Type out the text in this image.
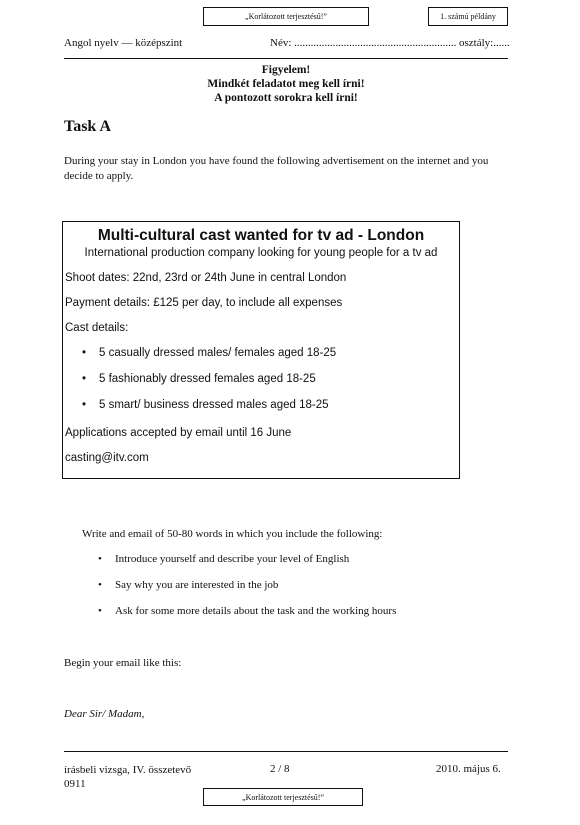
„Korlátozott terjesztésű!”	1. számú példány
Angol nyelv — középszint	Név: ........................................................... osztály:......
Figyelem!
Mindkét feladatot meg kell írni!
A pontozott sorokra kell írni!
Task A
During your stay in London you have found the following advertisement on the internet and you decide to apply.
Multi-cultural cast wanted for tv ad - London
International production company looking for young people for a tv ad
Shoot dates: 22nd, 23rd or 24th June in central London
Payment details: £125 per day, to include all expenses
Cast details:
• 5 casually dressed males/ females aged 18-25
• 5 fashionably dressed females aged 18-25
• 5 smart/ business dressed males aged 18-25
Applications accepted by email until 16 June
casting@itv.com
Write and email of 50-80 words in which you include the following:
• Introduce yourself and describe your level of English
• Say why you are interested in the job
• Ask for some more details about the task and the working hours
Begin your email like this:
Dear Sir/ Madam,
írásbeli vizsga, IV. összetevő
0911
2 / 8	2010. május 6.
„Korlátozott terjesztésű!”
